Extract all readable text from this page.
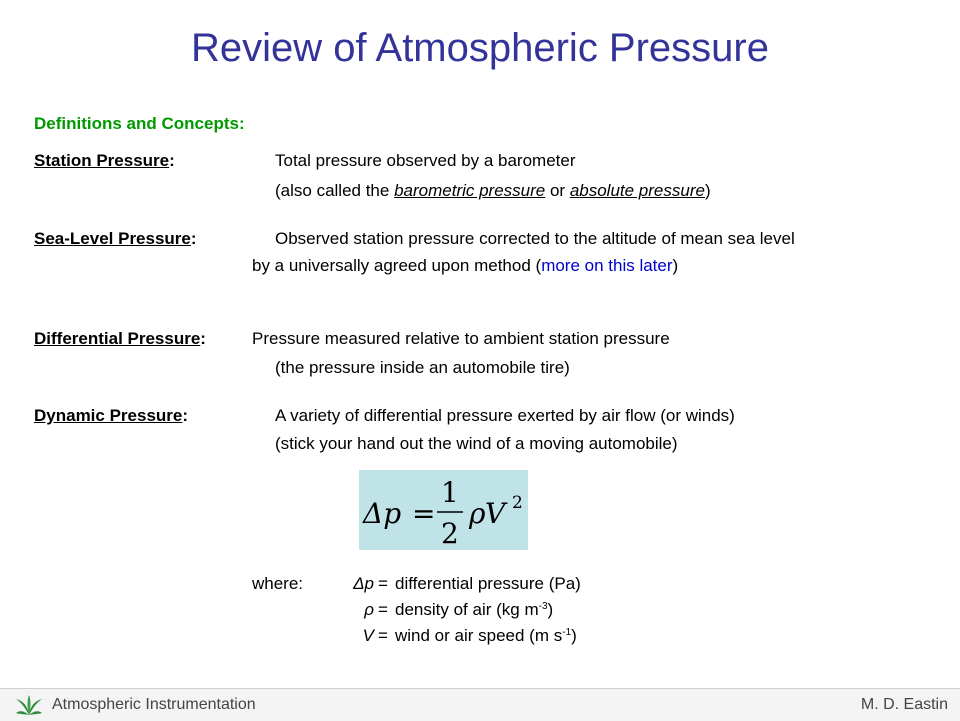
Review of Atmospheric Pressure
Definitions and Concepts:
Station Pressure:	Total pressure observed by a barometer
(also called the barometric pressure or absolute pressure)
Sea-Level Pressure:	Observed station pressure corrected to the altitude of mean sea level
by a universally agreed upon method (more on this later)
Differential Pressure:	Pressure measured relative to ambient station pressure
(the pressure inside an automobile tire)
Dynamic Pressure:	A variety of differential pressure exerted by air flow (or winds)
(stick your hand out the wind of a moving automobile)
Δp =
1
2
ρ V 2
where:	Δp = differential pressure (Pa)
ρ = density of air (kg $m^{-3}$)
V = wind or air speed (m $s^{-1}$)
Atmospheric Instrumentation	M. D. Eastin
